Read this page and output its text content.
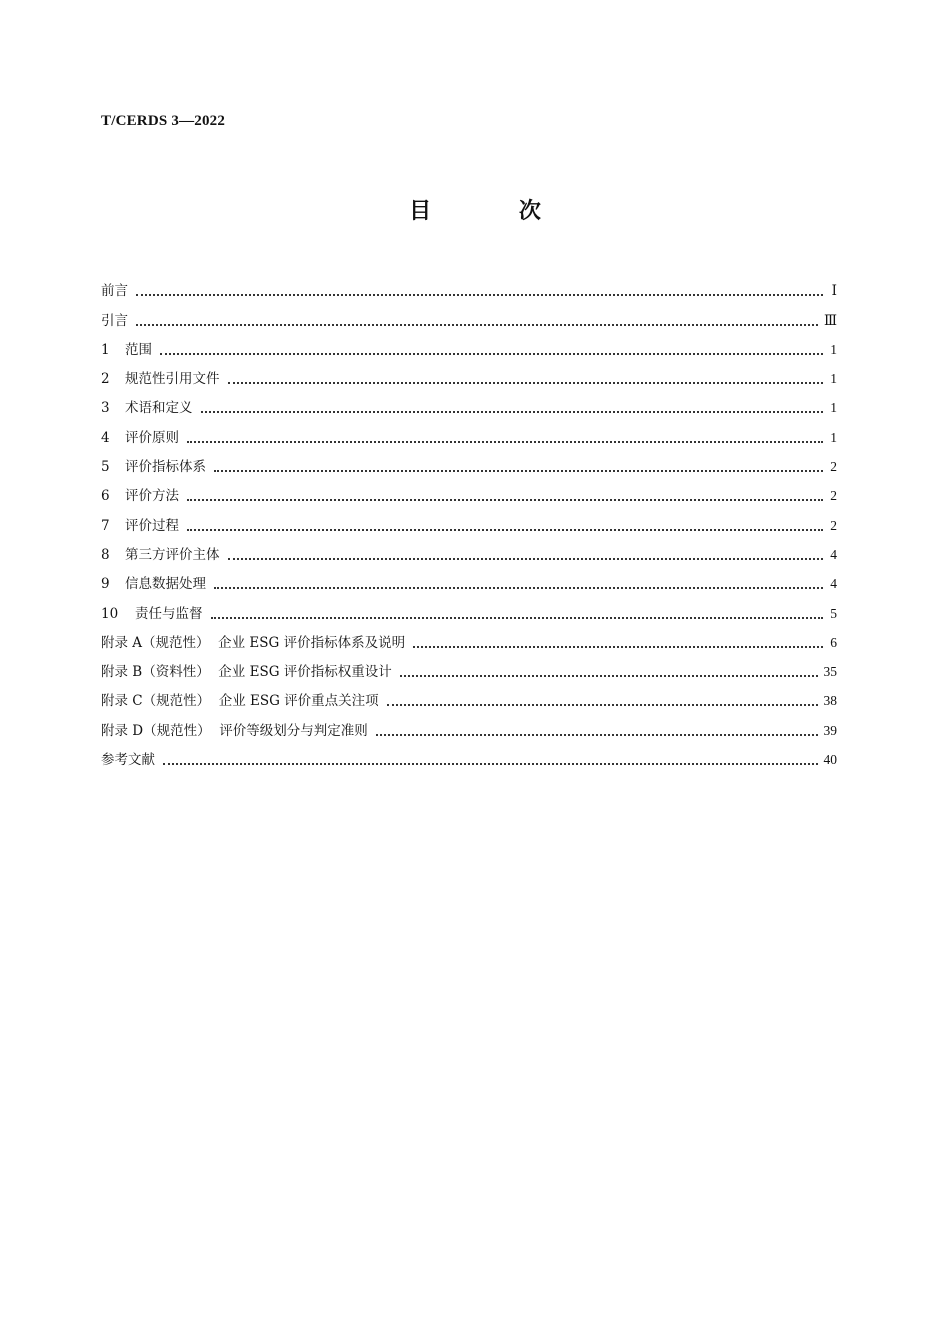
T/CERDS 3—2022
目 次
前言	Ⅰ
引言	Ⅲ
1 范围	1
2 规范性引用文件	1
3 术语和定义	1
4 评价原则	1
5 评价指标体系	2
6 评价方法	2
7 评价过程	2
8 第三方评价主体	4
9 信息数据处理	4
10 责任与监督	5
附录 A（规范性）  企业 ESG 评价指标体系及说明	6
附录 B（资料性）  企业 ESG 评价指标权重设计	35
附录 C（规范性）  企业 ESG 评价重点关注项	38
附录 D（规范性）  评价等级划分与判定准则	39
参考文献	40
